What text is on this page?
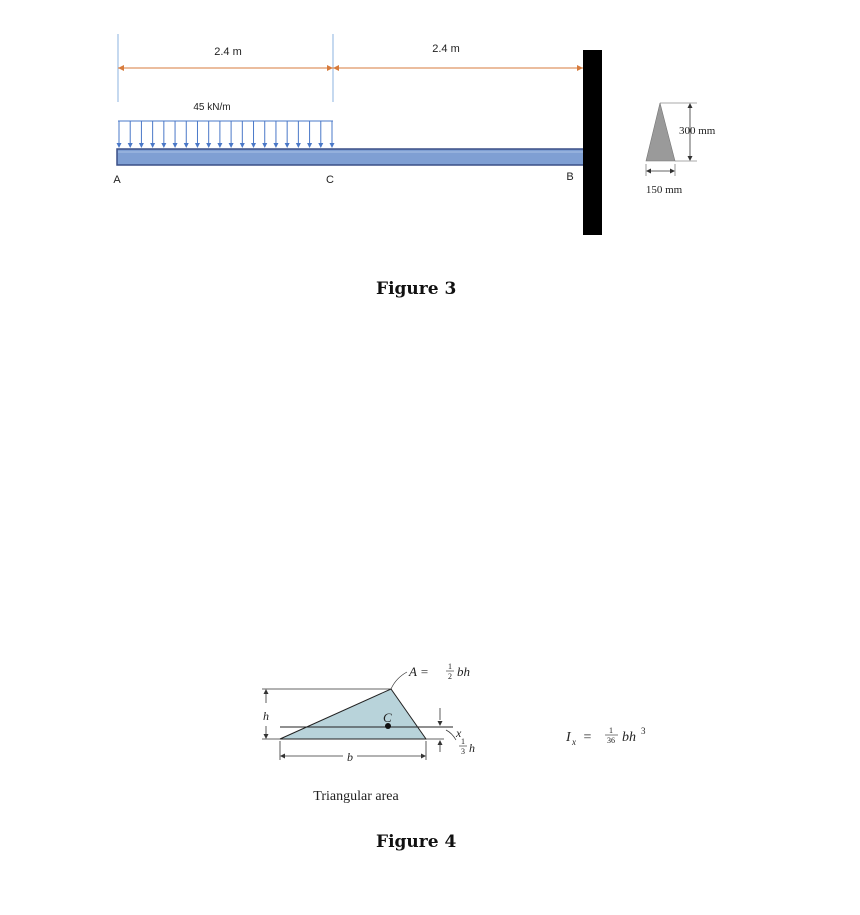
2.4 m	2.4 m
45 kN/m
A	C	B
300 mm
150 mm
h	C
x
1
3 h
b
A = 1
2 bh
Triangular area
I x = 1
36 bh 3
Figure 3
Figure 4
